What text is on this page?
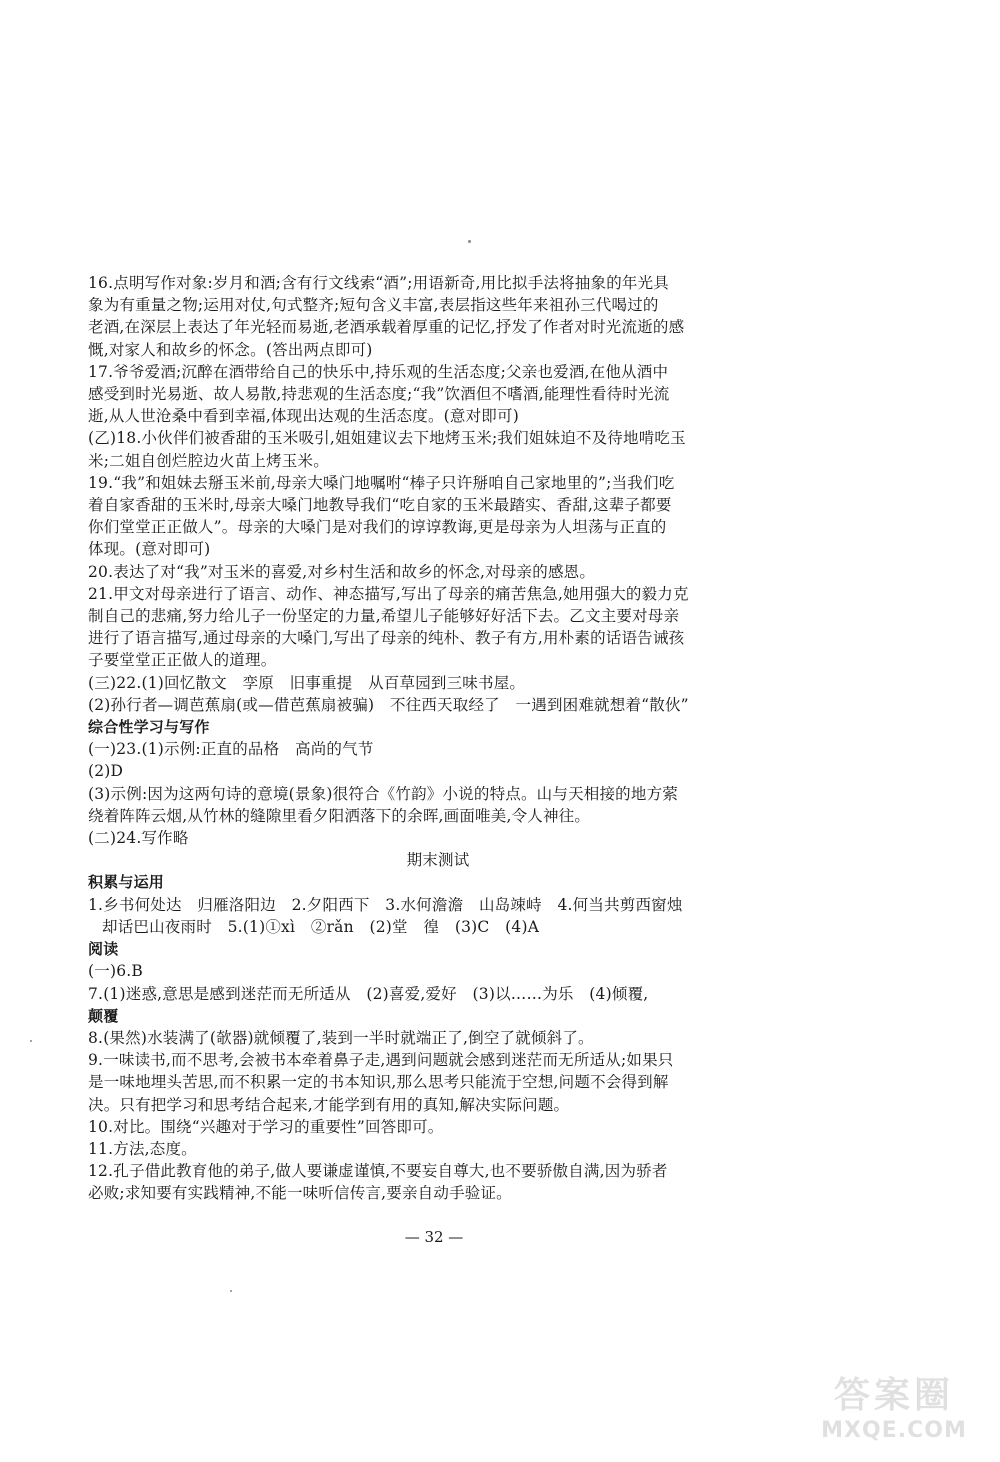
16.点明写作对象:岁月和酒;含有行文线索“酒”;用语新奇,用比拟手法将抽象的年光具
象为有重量之物;运用对仗,句式整齐;短句含义丰富,表层指这些年来祖孙三代喝过的
老酒,在深层上表达了年光轻而易逝,老酒承载着厚重的记忆,抒发了作者对时光流逝的感
慨,对家人和故乡的怀念。(答出两点即可)
17.爷爷爱酒;沉醉在酒带给自己的快乐中,持乐观的生活态度;父亲也爱酒,在他从酒中
感受到时光易逝、故人易散,持悲观的生活态度;“我”饮酒但不嗜酒,能理性看待时光流
逝,从人世沧桑中看到幸福,体现出达观的生活态度。(意对即可)
(乙)18.小伙伴们被香甜的玉米吸引,姐姐建议去下地烤玉米;我们姐妹迫不及待地啃吃玉
米;二姐自创烂腔边火苗上烤玉米。
19.“我”和姐妹去掰玉米前,母亲大嗓门地嘱咐“棒子只许掰咱自己家地里的”;当我们吃
着自家香甜的玉米时,母亲大嗓门地教导我们“吃自家的玉米最踏实、香甜,这辈子都要
你们堂堂正正做人”。母亲的大嗓门是对我们的谆谆教诲,更是母亲为人坦荡与正直的
体现。(意对即可)
20.表达了对“我”对玉米的喜爱,对乡村生活和故乡的怀念,对母亲的感恩。
21.甲文对母亲进行了语言、动作、神态描写,写出了母亲的痛苦焦急,她用强大的毅力克
制自己的悲痛,努力给儿子一份坚定的力量,希望儿子能够好好活下去。乙文主要对母亲
进行了语言描写,通过母亲的大嗓门,写出了母亲的纯朴、教子有方,用朴素的话语告诫孩
子要堂堂正正做人的道理。
(三)22.(1)回忆散文　孪原　旧事重提　从百草园到三味书屋。
(2)孙行者—调芭蕉扇(或—借芭蕉扇被骗)　不往西天取经了　一遇到困难就想着“散伙”
综合性学习与写作
(一)23.(1)示例:正直的品格　高尚的气节
(2)D
(3)示例:因为这两句诗的意境(景象)很符合《竹韵》小说的特点。山与天相接的地方萦
绕着阵阵云烟,从竹林的缝隙里看夕阳洒落下的余晖,画面唯美,令人神往。
(二)24.写作略
期末测试
积累与运用
1.乡书何处达　归雁洛阳边　2.夕阳西下　3.水何澹澹　山岛竦峙　4.何当共剪西窗烛
却话巴山夜雨时　5.(1)①xì　②rǎn　(2)堂　徨　(3)C　(4)A
阅读
(一)6.B
7.(1)迷惑,意思是感到迷茫而无所适从　(2)喜爱,爱好　(3)以……为乐　(4)倾覆,
颠覆
8.(果然)水装满了(欹器)就倾覆了,装到一半时就端正了,倒空了就倾斜了。
9.一味读书,而不思考,会被书本牵着鼻子走,遇到问题就会感到迷茫而无所适从;如果只
是一味地埋头苦思,而不积累一定的书本知识,那么思考只能流于空想,问题不会得到解
决。只有把学习和思考结合起来,才能学到有用的真知,解决实际问题。
10.对比。围绕“兴趣对于学习的重要性”回答即可。
11.方法,态度。
12.孔子借此教育他的弟子,做人要谦虚谨慎,不要妄自尊大,也不要骄傲自满,因为骄者
必败;求知要有实践精神,不能一味听信传言,要亲自动手验证。
— 32 —
答案圈
MXQE.COM
